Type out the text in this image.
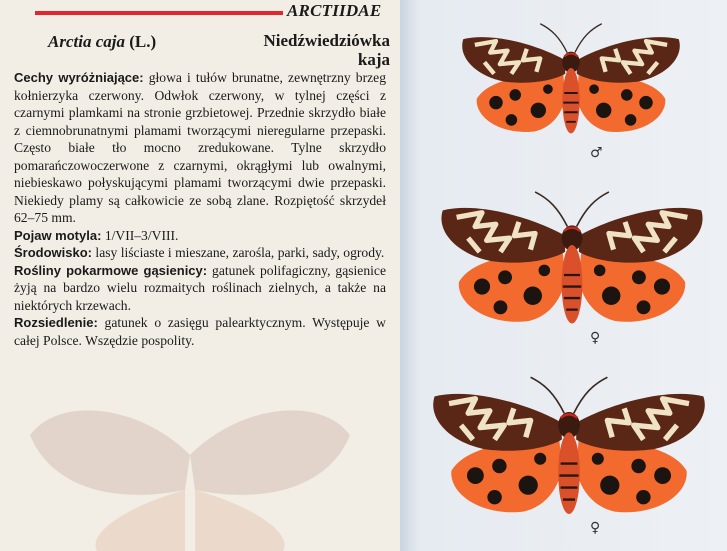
ARCTIIDAE
Arctia caja (L.)	Niedźwiedziówka
kaja

Cechy wyróżniające: głowa i tułów brunatne, zewnętrzny brzeg kołnierzyka czerwony. Odwłok czerwony, w tylnej części z czarnymi plamkami na stronie grzbietowej. Przednie skrzydło białe z ciemnobrunatnymi plamami tworzącymi nieregularne przepaski. Często białe tło mocno zredukowane. Tylne skrzydło pomarańczowoczerwone z czarnymi, okrągłymi lub owalnymi, niebieskawo połyskującymi plamami tworzącymi dwie przepaski. Niekiedy plamy są całkowicie ze sobą zlane. Rozpiętość skrzydeł 62–75 mm.

Pojaw motyla: 1/VII–3/VIII.

Środowisko: lasy liściaste i mieszane, zarośla, parki, sady, ogrody.

Rośliny pokarmowe gąsienicy: gatunek polifagiczny, gąsienice żyją na bardzo wielu rozmaitych roślinach zielnych, a także na niektórych krzewach.

Rozsiedlenie: gatunek o zasięgu palearktycznym. Występuje w całej Polsce. Wszędzie pospolity.

♂
♀
♀
